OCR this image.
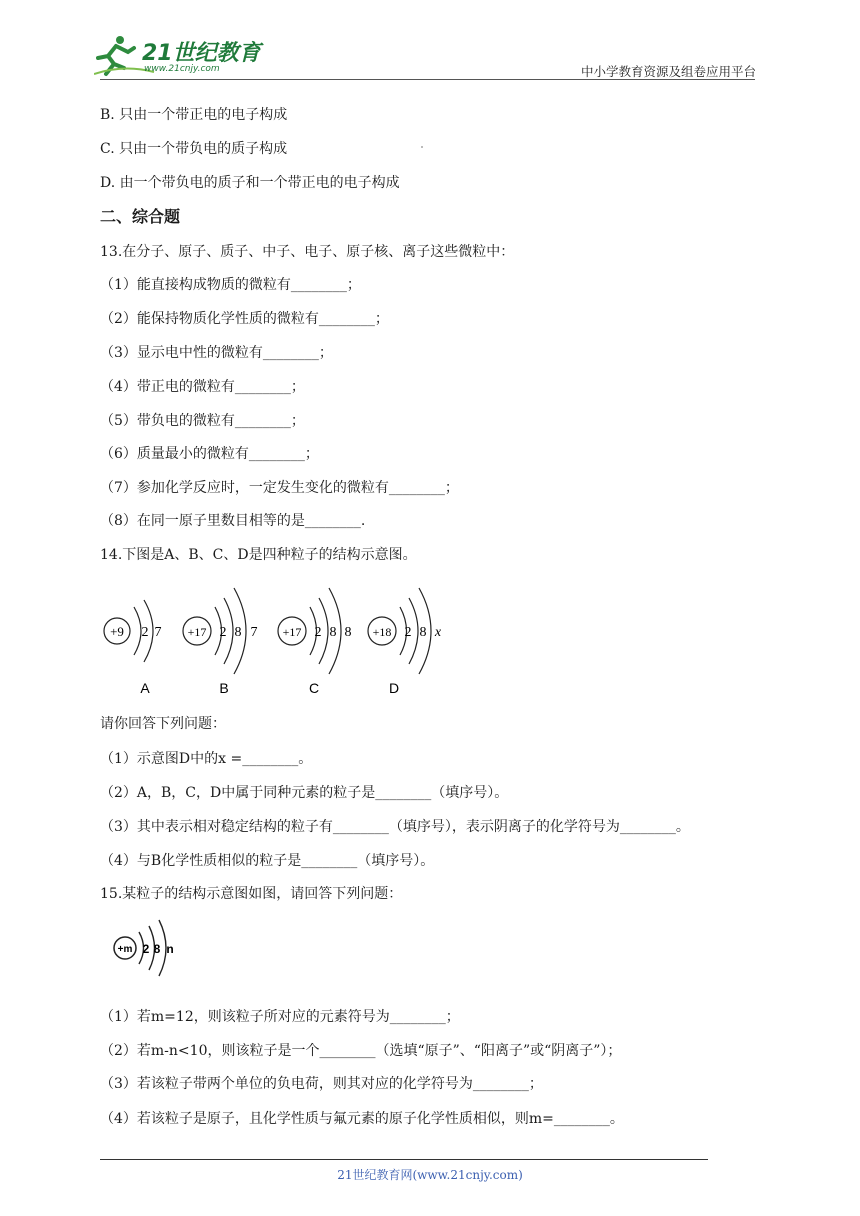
21世纪教育
www.21cnjy.com	中小学教育资源及组卷应用平台
B. 只由一个带正电的电子构成
C. 只由一个带负电的质子构成
D. 由一个带负电的质子和一个带正电的电子构成
二、综合题
13.在分子、原子、质子、中子、电子、原子核、离子这些微粒中：
（1）能直接构成物质的微粒有________；
（2）能保持物质化学性质的微粒有________；
（3）显示电中性的微粒有________；
（4）带正电的微粒有________；
（5）带负电的微粒有________；
（6）质量最小的微粒有________；
（7）参加化学反应时，一定发生变化的微粒有________；
（8）在同一原子里数目相等的是________.
14.下图是A、B、C、D是四种粒子的结构示意图。
+9 2 7
A
+17 2 8 7
B
+17 2 8 8
C
+18 2 8 x
D
请你回答下列问题：
（1）示意图D中的x =________。
（2）A，B，C，D中属于同种元素的粒子是________（填序号）。
（3）其中表示相对稳定结构的粒子有________（填序号），表示阴离子的化学符号为________。
（4）与B化学性质相似的粒子是________（填序号）。
15.某粒子的结构示意图如图，请回答下列问题：
+m 2 8 n
（1）若m=12，则该粒子所对应的元素符号为________；
（2）若m-n<10，则该粒子是一个________（选填“原子”、“阳离子”或“阴离子”）；
（3）若该粒子带两个单位的负电荷，则其对应的化学符号为________；
（4）若该粒子是原子，且化学性质与氟元素的原子化学性质相似，则m=________。
21世纪教育网(www.21cnjy.com)
